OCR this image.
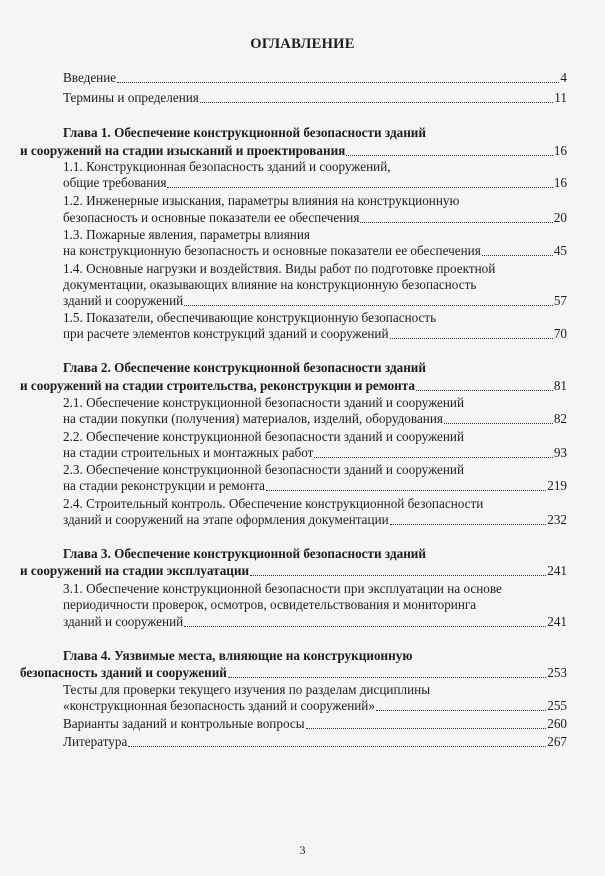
ОГЛАВЛЕНИЕ
Введение	4
Термины и определения	11
Глава 1. Обеспечение конструкционной безопасности зданий
и сооружений на стадии изысканий и проектирования	16
1.1. Конструкционная безопасность зданий и сооружений,
общие требования	16
1.2. Инженерные изыскания, параметры влияния на конструкционную
безопасность и основные показатели ее обеспечения	20
1.3. Пожарные явления, параметры влияния
на конструкционную безопасность и основные показатели ее обеспечения	45
1.4. Основные нагрузки и воздействия. Виды работ по подготовке проектной
документации, оказывающих влияние на конструкционную безопасность
зданий и сооружений	57
1.5. Показатели, обеспечивающие конструкционную безопасность
при расчете элементов конструкций зданий и сооружений	70
Глава 2. Обеспечение конструкционной безопасности зданий
и сооружений на стадии строительства, реконструкции и ремонта	81
2.1. Обеспечение конструкционной безопасности зданий и сооружений
на стадии покупки (получения) материалов, изделий, оборудования	82
2.2. Обеспечение конструкционной безопасности зданий и сооружений
на стадии строительных и монтажных работ	93
2.3. Обеспечение конструкционной безопасности зданий и сооружений
на стадии реконструкции и ремонта	219
2.4. Строительный контроль. Обеспечение конструкционной безопасности
зданий и сооружений на этапе оформления документации	232
Глава 3. Обеспечение конструкционной безопасности зданий
и сооружений на стадии эксплуатации	241
3.1. Обеспечение конструкционной безопасности при эксплуатации на основе
периодичности проверок, осмотров, освидетельствования и мониторинга
зданий и сооружений	241
Глава 4. Уязвимые места, влияющие на конструкционную
безопасность зданий и сооружений	253
Тесты для проверки текущего изучения по разделам дисциплины
«конструкционная безопасность зданий и сооружений»	255
Варианты заданий и контрольные вопросы	260
Литература	267
3
